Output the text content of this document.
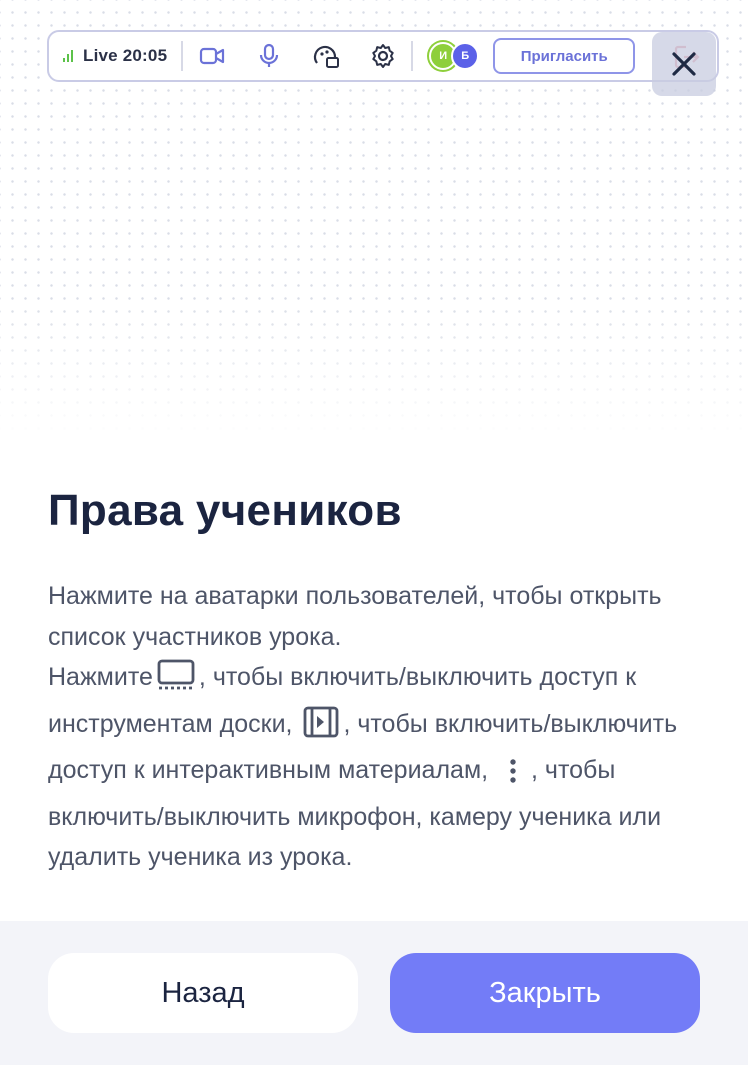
Live 20:05	И	Б	Пригласить
Права учеников

Нажмите на аватарки пользователей, чтобы открыть список участников урока.

Нажмите , чтобы включить/выключить доступ к инструментам доски, , чтобы включить/выключить доступ к интерактивным материалам, , чтобы включить/выключить микрофон, камеру ученика или удалить ученика из урока.

Назад	Закрыть
